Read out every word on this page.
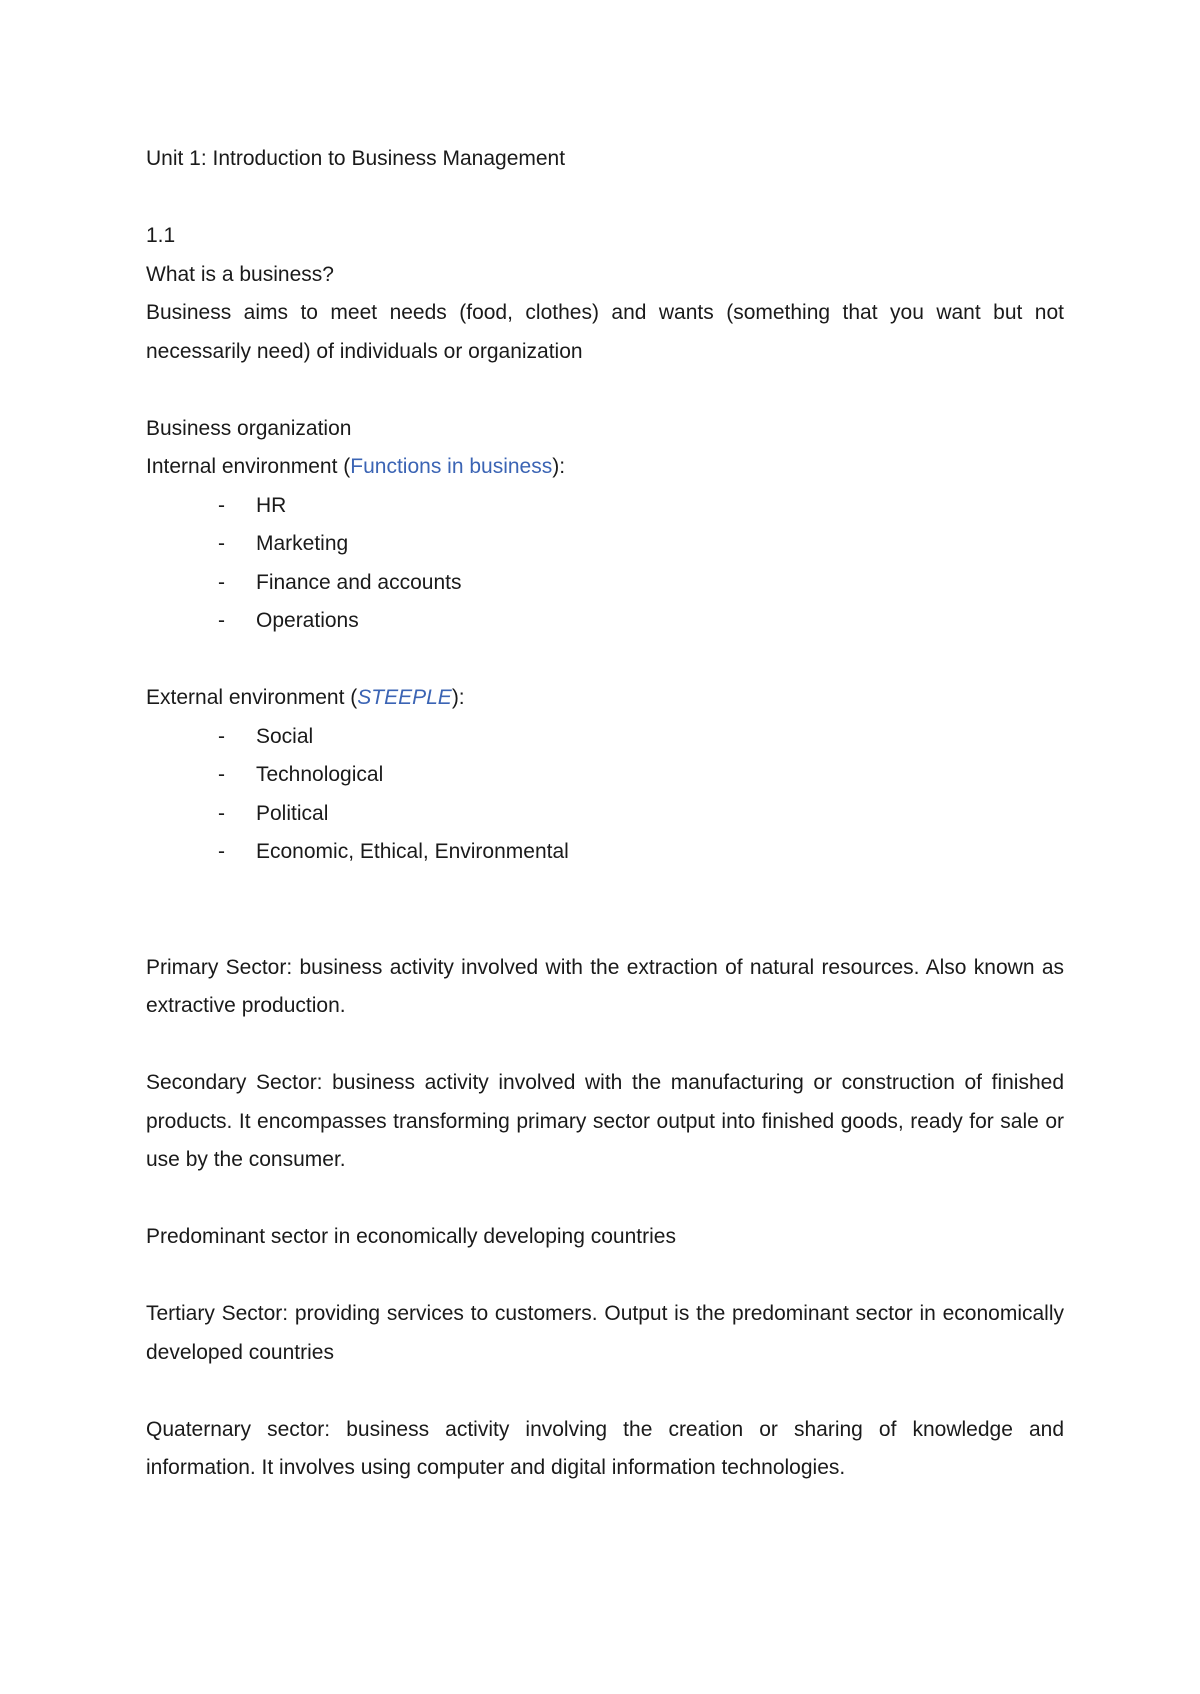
Unit 1: Introduction to Business Management

1.1

What is a business?

Business aims to meet needs (food, clothes) and wants (something that you want but not necessarily need) of individuals or organization

Business organization

Internal environment (Functions in business):

- HR
- Marketing
- Finance and accounts
- Operations

External environment (STEEPLE):

- Social
- Technological
- Political
- Economic, Ethical, Environmental

Primary Sector: business activity involved with the extraction of natural resources. Also known as extractive production.

Secondary Sector: business activity involved with the manufacturing or construction of finished products. It encompasses transforming primary sector output into finished goods, ready for sale or use by the consumer.

Predominant sector in economically developing countries

Tertiary Sector: providing services to customers. Output is the predominant sector in economically developed countries

Quaternary sector: business activity involving the creation or sharing of knowledge and information. It involves using computer and digital information technologies.
